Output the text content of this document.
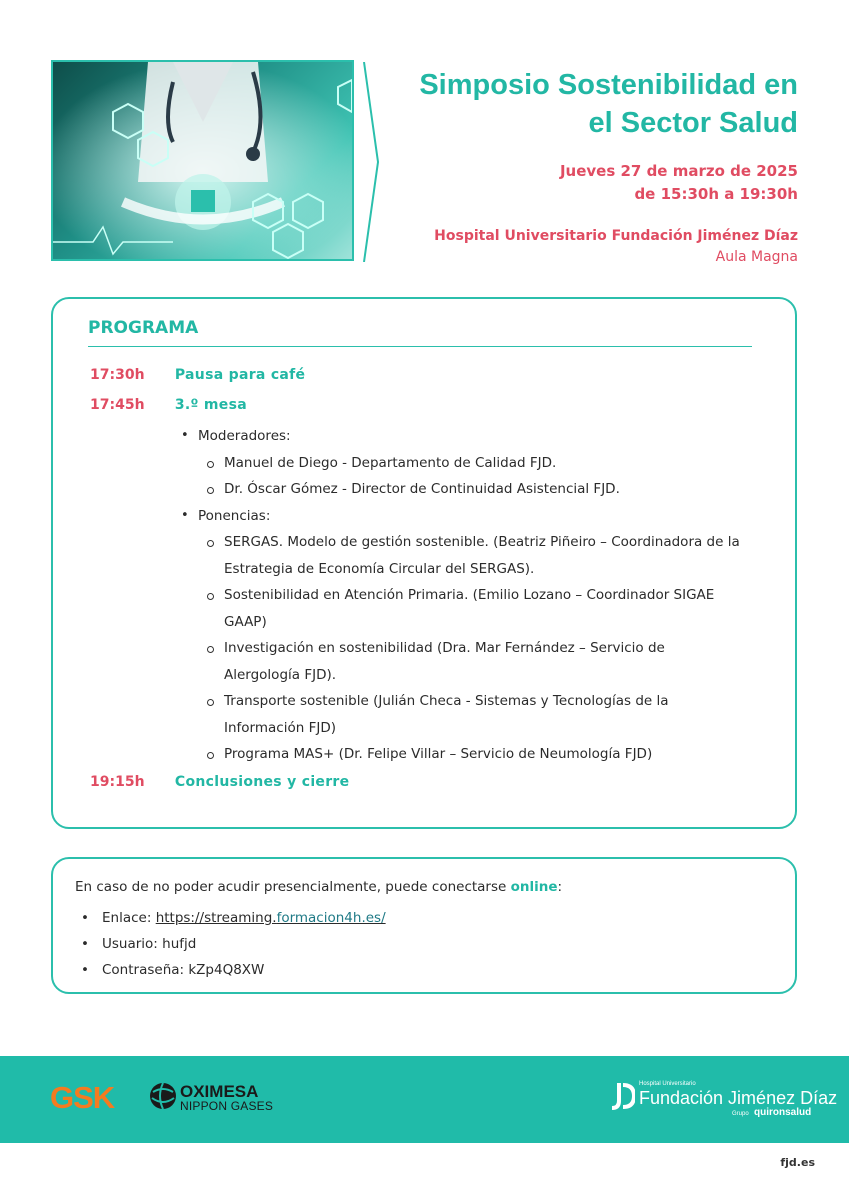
Simposio Sostenibilidad en
el Sector Salud
Jueves 27 de marzo de 2025
de 15:30h a 19:30h
Hospital Universitario Fundación Jiménez Díaz
Aula Magna
PROGRAMA
17:30h Pausa para café
17:45h 3.º mesa
• Moderadores:
Manuel de Diego - Departamento de Calidad FJD.
Dr. Óscar Gómez - Director de Continuidad Asistencial FJD.
• Ponencias:
SERGAS. Modelo de gestión sostenible. (Beatriz Piñeiro – Coordinadora de la
Estrategia de Economía Circular del SERGAS).
Sostenibilidad en Atención Primaria. (Emilio Lozano – Coordinador SIGAE
GAAP)
Investigación en sostenibilidad (Dra. Mar Fernández – Servicio de
Alergología FJD).
Transporte sostenible (Julián Checa - Sistemas y Tecnologías de la
Información FJD)
Programa MAS+ (Dr. Felipe Villar – Servicio de Neumología FJD)
19:15h Conclusiones y cierre
En caso de no poder acudir presencialmente, puede conectarse online:
• Enlace: https://streaming.formacion4h.es/
• Usuario: hufjd
• Contraseña: kZp4Q8XW
GSK	OXIMESA
NIPPON GASES
Hospital Universitario
Fundación Jiménez Díaz
Grupo quironsalud
fjd.es
